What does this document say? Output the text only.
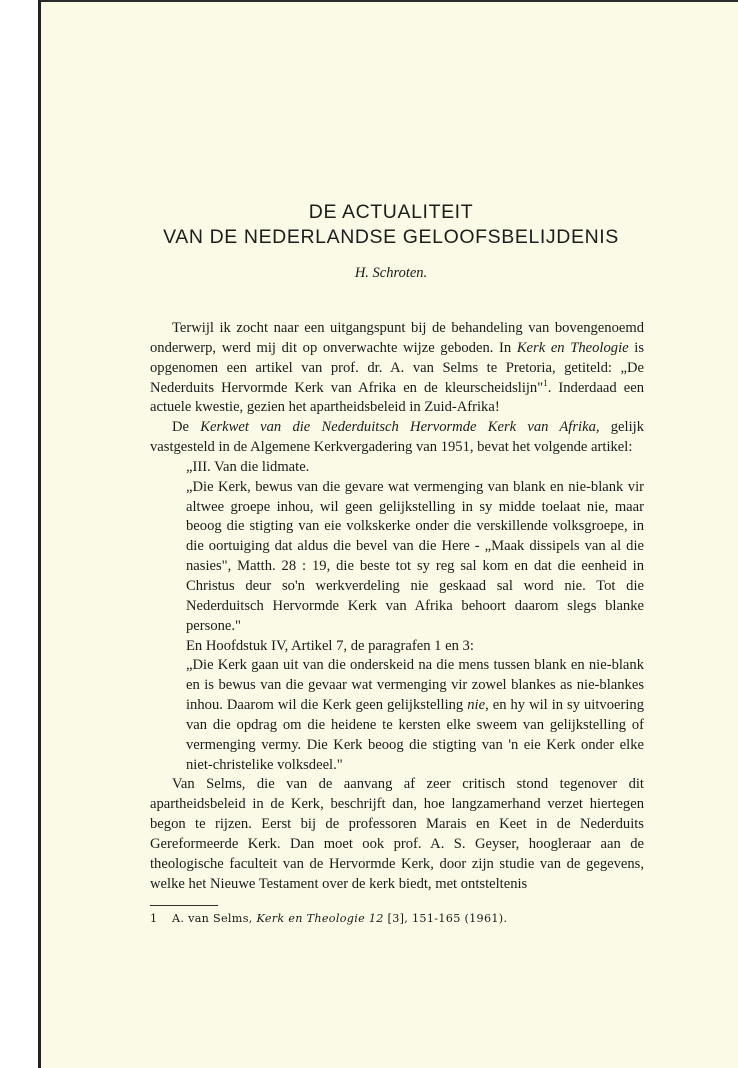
DE ACTUALITEIT
VAN DE NEDERLANDSE GELOOFSBELIJDENIS
H. Schroten.

Terwijl ik zocht naar een uitgangspunt bij de behandeling van bovengenoemd onderwerp, werd mij dit op onverwachte wijze geboden. In Kerk en Theologie is opgenomen een artikel van prof. dr. A. van Selms te Pretoria, getiteld: „De Nederduits Hervormde Kerk van Afrika en de kleurscheidslijn"$^1$. Inderdaad een actuele kwestie, gezien het apartheidsbeleid in Zuid-Afrika!

De Kerkwet van die Nederduitsch Hervormde Kerk van Afrika, gelijk vastgesteld in de Algemene Kerkvergadering van 1951, bevat het volgende artikel:

„III. Van die lidmate.

„Die Kerk, bewus van die gevare wat vermenging van blank en nie-blank vir altwee groepe inhou, wil geen gelijkstelling in sy midde toelaat nie, maar beoog die stigting van eie volkskerke onder die verskillende volksgroepe, in die oortuiging dat aldus die bevel van die Here - „Maak dissipels van al die nasies", Matth. 28 : 19, die beste tot sy reg sal kom en dat die eenheid in Christus deur so'n werkverdeling nie geskaad sal word nie. Tot die Nederduitsch Hervormde Kerk van Afrika behoort daarom slegs blanke persone."

En Hoofdstuk IV, Artikel 7, de paragrafen 1 en 3:

„Die Kerk gaan uit van die onderskeid na die mens tussen blank en nie-blank en is bewus van die gevaar wat vermenging vir zowel blankes as nie-blankes inhou. Daarom wil die Kerk geen gelijkstelling nie, en hy wil in sy uitvoering van die opdrag om die heidene te kersten elke sweem van gelijkstelling of vermenging vermy. Die Kerk beoog die stigting van 'n eie Kerk onder elke niet-christelike volksdeel."

Van Selms, die van de aanvang af zeer critisch stond tegenover dit apartheidsbeleid in de Kerk, beschrijft dan, hoe langzamerhand verzet hiertegen begon te rijzen. Eerst bij de professoren Marais en Keet in de Nederduits Gereformeerde Kerk. Dan moet ook prof. A. S. Geyser, hoogleraar aan de theologische faculteit van de Hervormde Kerk, door zijn studie van de gegevens, welke het Nieuwe Testament over de kerk biedt, met ontsteltenis

1 A. van Selms, Kerk en Theologie 12 [3], 151-165 (1961).
